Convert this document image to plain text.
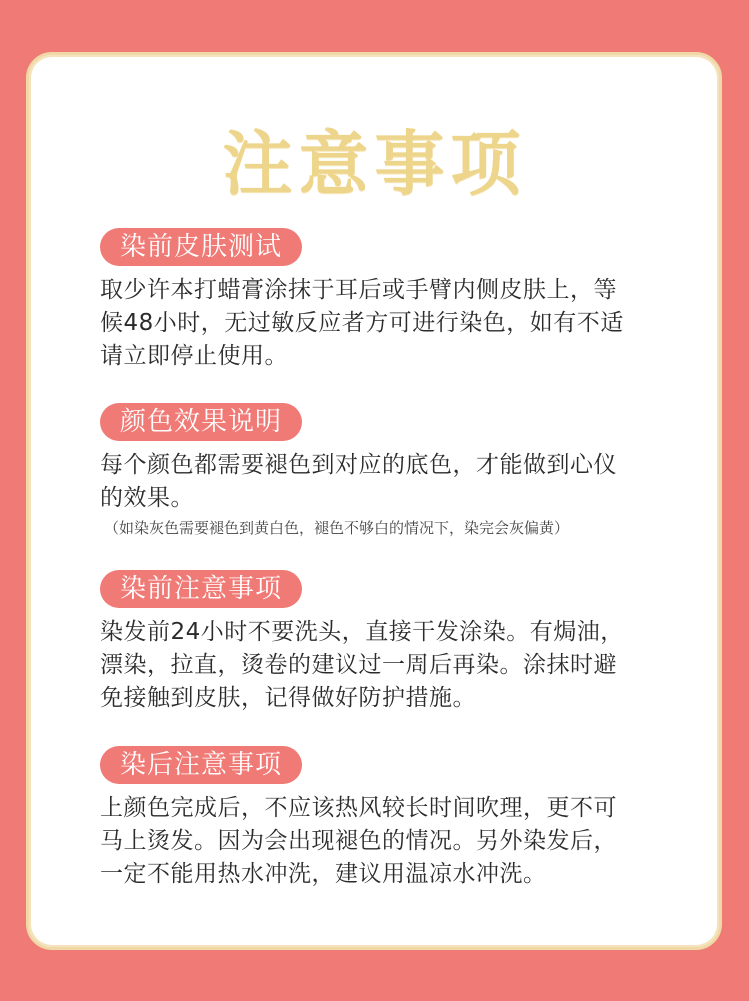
注意事项
染前皮肤测试
取少许本打蜡膏涂抹于耳后或手臂内侧皮肤上，等
候48小时，无过敏反应者方可进行染色，如有不适
请立即停止使用。
颜色效果说明
每个颜色都需要褪色到对应的底色，才能做到心仪
的效果。
（如染灰色需要褪色到黄白色，褪色不够白的情况下，染完会灰偏黄）
染前注意事项
染发前24小时不要洗头，直接干发涂染。有焗油，
漂染，拉直，烫卷的建议过一周后再染。涂抹时避
免接触到皮肤，记得做好防护措施。
染后注意事项
上颜色完成后，不应该热风较长时间吹理，更不可
马上烫发。因为会出现褪色的情况。另外染发后，
一定不能用热水冲洗，建议用温凉水冲洗。
